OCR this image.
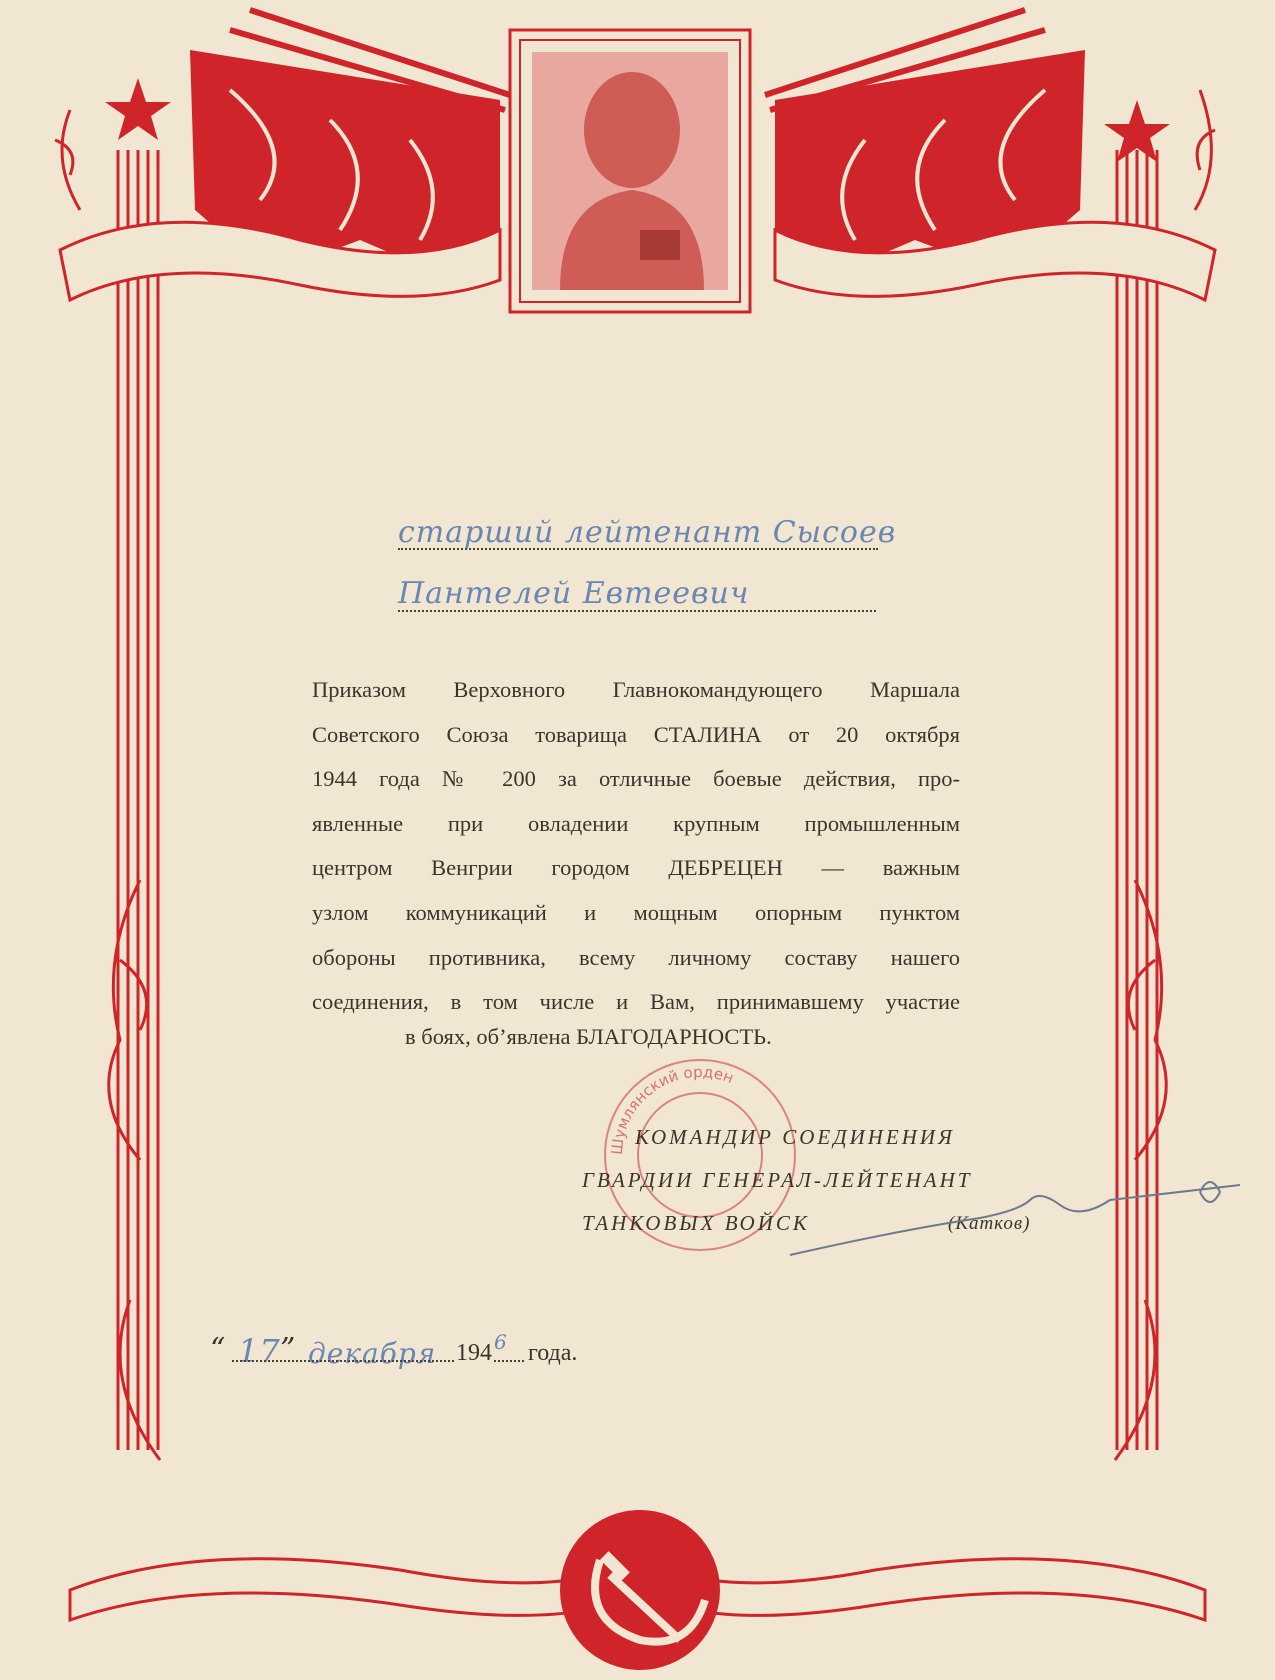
старший лейтенант Сысоев
Пантелей Евтеевич
Приказом Верховного Главнокомандующего Маршала
Советского Союза товарища СТАЛИНА от 20 октября
1944 года № 200 за отличные боевые действия, про-
явленные при овладении крупным промышленным
центром Венгрии городом ДЕБРЕЦЕН — важным
узлом коммуникаций и мощным опорным пунктом
обороны противника, всему личному составу нашего
соединения, в том числе и Вам, принимавшему участие
в боях, об’явлена БЛАГОДАРНОСТЬ.
Шумлянский орден
КОМАНДИР СОЕДИНЕНИЯ
ГВАРДИИ ГЕНЕРАЛ-ЛЕЙТЕНАНТ
ТАНКОВЫХ ВОЙСК	(Катков)
“ 17 ” декабря 194 6 года.
